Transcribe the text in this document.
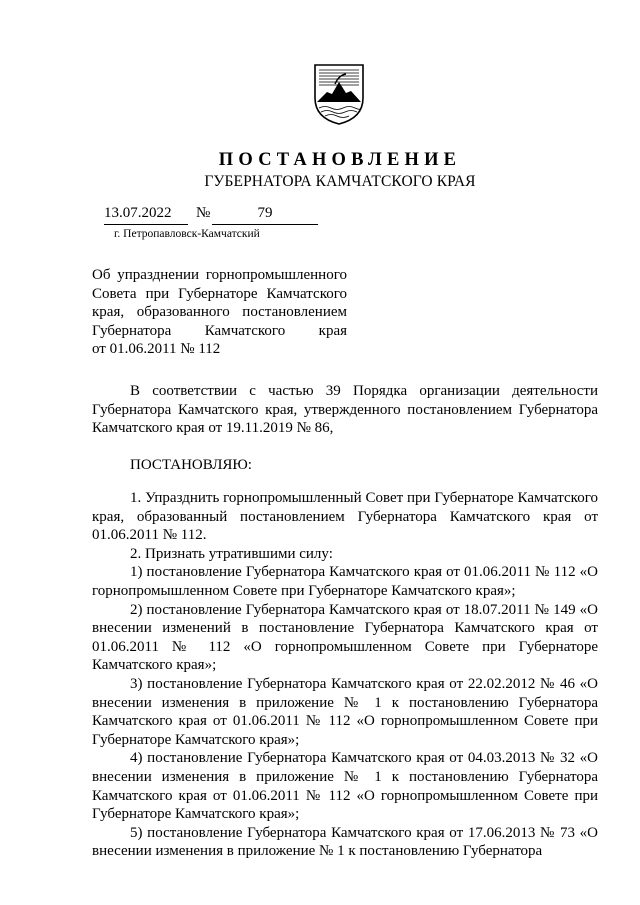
ПОСТАНОВЛЕНИЕ
ГУБЕРНАТОРА КАМЧАТСКОГО КРАЯ
13.07.2022	№	79
г. Петропавловск-Камчатский
Об упразднении горнопромышленного
Совета при Губернаторе Камчатского
края, образованного постановлением
Губернатора Камчатского края
от 01.06.2011 № 112

В соответствии с частью 39 Порядка организации деятельности Губернатора Камчатского края, утвержденного постановлением Губернатора Камчатского края от 19.11.2019 № 86,

ПОСТАНОВЛЯЮ:

1. Упразднить горнопромышленный Совет при Губернаторе Камчатского края, образованный постановлением Губернатора Камчатского края от 01.06.2011 № 112.

2. Признать утратившими силу:

1) постановление Губернатора Камчатского края от 01.06.2011 № 112 «О горнопромышленном Совете при Губернаторе Камчатского края»;

2) постановление Губернатора Камчатского края от 18.07.2011 № 149 «О внесении изменений в постановление Губернатора Камчатского края от 01.06.2011 № 112 «О горнопромышленном Совете при Губернаторе Камчатского края»;

3) постановление Губернатора Камчатского края от 22.02.2012 № 46 «О внесении изменения в приложение № 1 к постановлению Губернатора Камчатского края от 01.06.2011 № 112 «О горнопромышленном Совете при Губернаторе Камчатского края»;

4) постановление Губернатора Камчатского края от 04.03.2013 № 32 «О внесении изменения в приложение № 1 к постановлению Губернатора Камчатского края от 01.06.2011 № 112 «О горнопромышленном Совете при Губернаторе Камчатского края»;

5) постановление Губернатора Камчатского края от 17.06.2013 № 73 «О внесении изменения в приложение № 1 к постановлению Губернатора
